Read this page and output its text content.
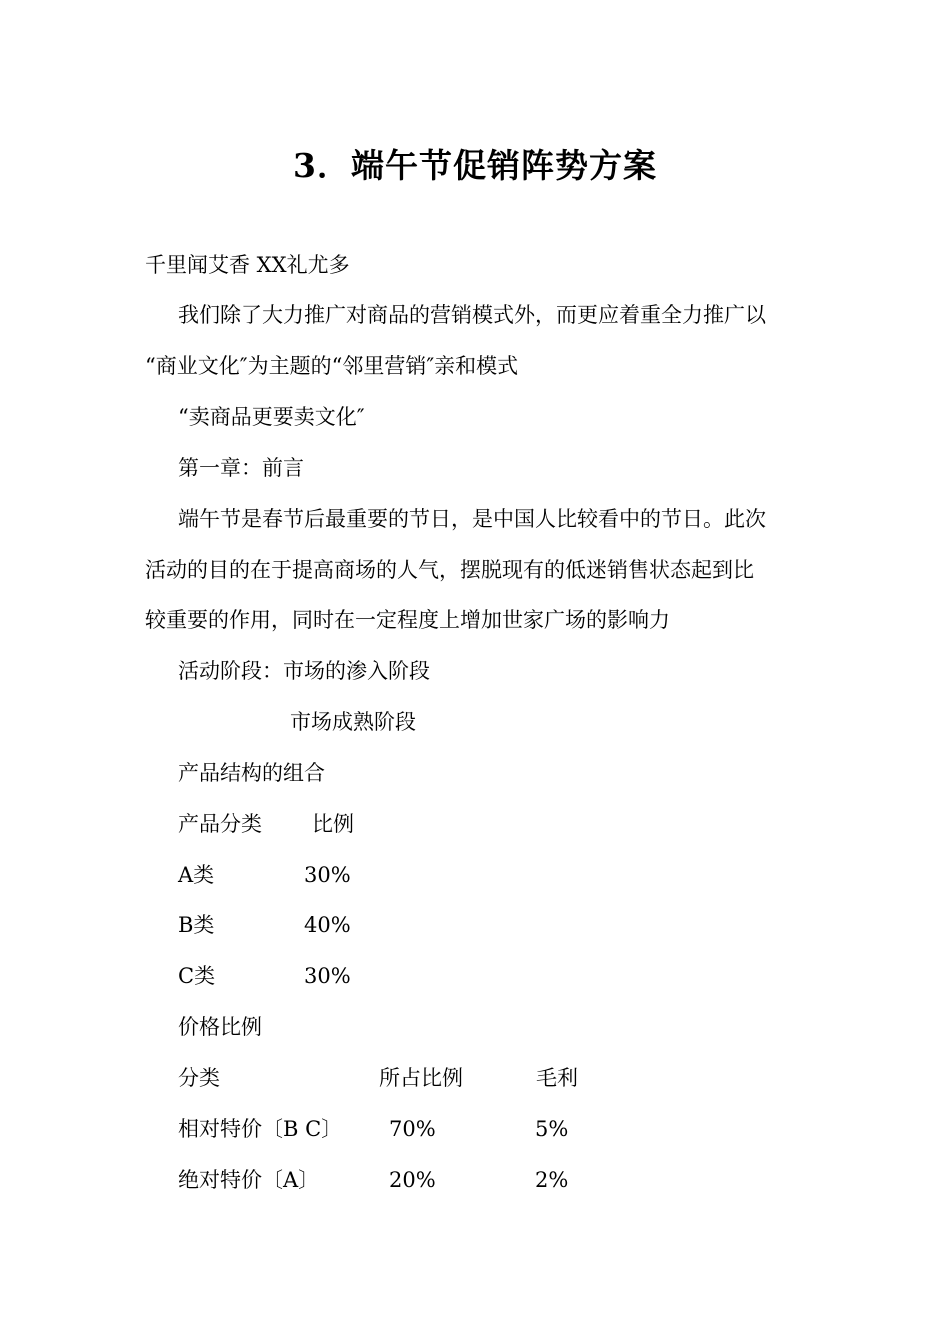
3．端午节促销阵势方案
千里闻艾香 XX礼尤多
我们除了大力推广对商品的营销模式外，而更应着重全力推广以
“商业文化″为主题的“邻里营销″亲和模式
“卖商品更要卖文化″
第一章：前言
端午节是春节后最重要的节日，是中国人比较看中的节日。此次
活动的目的在于提高商场的人气，摆脱现有的低迷销售状态起到比
较重要的作用，同时在一定程度上增加世家广场的影响力
活动阶段：市场的渗入阶段
市场成熟阶段
产品结构的组合
产品分类 比例
A类	30%
B类	40%
C类	30%
价格比例
分类	所占比例	毛利
相对特价〔B C〕 70%	5%
绝对特价〔A〕	20%	2%
